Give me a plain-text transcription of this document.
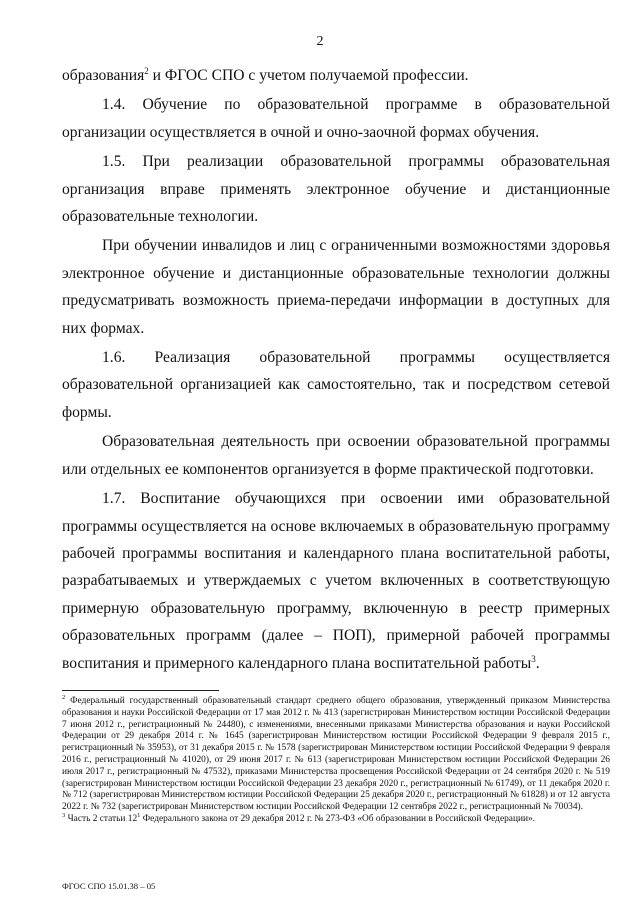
2

образования$^2$ и ФГОС СПО с учетом получаемой профессии.

1.4. Обучение по образовательной программе в образовательной организации осуществляется в очной и очно-заочной формах обучения.

1.5. При реализации образовательной программы образовательная организация вправе применять электронное обучение и дистанционные образовательные технологии.

При обучении инвалидов и лиц с ограниченными возможностями здоровья электронное обучение и дистанционные образовательные технологии должны предусматривать возможность приема-передачи информации в доступных для них формах.

1.6. Реализация образовательной программы осуществляется образовательной организацией как самостоятельно, так и посредством сетевой формы.

Образовательная деятельность при освоении образовательной программы или отдельных ее компонентов организуется в форме практической подготовки.

1.7. Воспитание обучающихся при освоении ими образовательной программы осуществляется на основе включаемых в образовательную программу рабочей программы воспитания и календарного плана воспитательной работы, разрабатываемых и утверждаемых с учетом включенных в соответствующую примерную образовательную программу, включенную в реестр примерных образовательных программ (далее – ПОП), примерной рабочей программы воспитания и примерного календарного плана воспитательной работы$^3$.

$^2$ Федеральный государственный образовательный стандарт среднего общего образования, утвержденный приказом Министерства образования и науки Российской Федерации от 17 мая 2012 г. № 413 (зарегистрирован Министерством юстиции Российской Федерации 7 июня 2012 г., регистрационный № 24480), с изменениями, внесенными приказами Министерства образования и науки Российской Федерации от 29 декабря 2014 г. № 1645 (зарегистрирован Министерством юстиции Российской Федерации 9 февраля 2015 г., регистрационный № 35953), от 31 декабря 2015 г. № 1578 (зарегистрирован Министерством юстиции Российской Федерации 9 февраля 2016 г., регистрационный № 41020), от 29 июня 2017 г. № 613 (зарегистрирован Министерством юстиции Российской Федерации 26 июля 2017 г., регистрационный № 47532), приказами Министерства просвещения Российской Федерации от 24 сентября 2020 г. № 519 (зарегистрирован Министерством юстиции Российской Федерации 23 декабря 2020 г., регистрационный № 61749), от 11 декабря 2020 г. № 712 (зарегистрирован Министерством юстиции Российской Федерации 25 декабря 2020 г., регистрационный № 61828) и от 12 августа 2022 г. № 732 (зарегистрирован Министерством юстиции Российской Федерации 12 сентября 2022 г., регистрационный № 70034).

$^3$ Часть 2 статьи $12^1$ Федерального закона от 29 декабря 2012 г. № 273-ФЗ «Об образовании в Российской Федерации».

ФГОС СПО 15.01.38 – 05
